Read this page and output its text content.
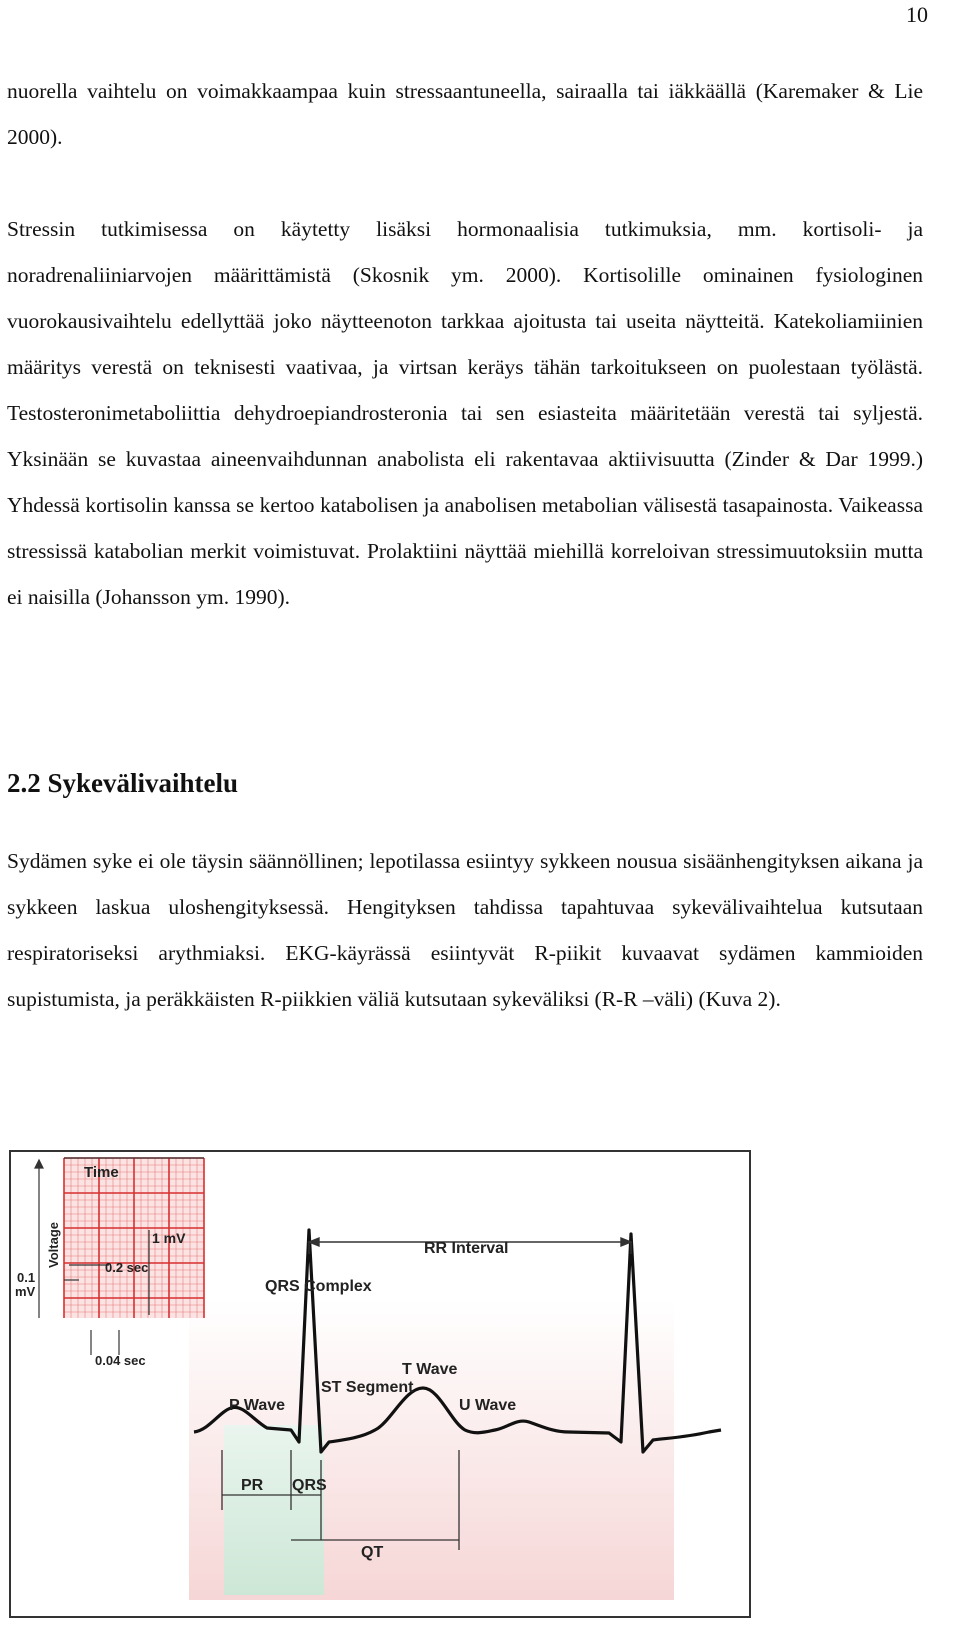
10

nuorella vaihtelu on voimakkaampaa kuin stressaantuneella, sairaalla tai iäkkäällä (Karemaker & Lie 2000).

Stressin tutkimisessa on käytetty lisäksi hormonaalisia tutkimuksia, mm. kortisoli- ja noradrenaliiniarvojen määrittämistä (Skosnik ym. 2000). Kortisolille ominainen fysiologinen vuorokausivaihtelu edellyttää joko näytteenoton tarkkaa ajoitusta tai useita näytteitä. Katekoliamiinien määritys verestä on teknisesti vaativaa, ja virtsan keräys tähän tarkoitukseen on puolestaan työlästä. Testosteronimetaboliittia dehydroepiandrosteronia tai sen esiasteita määritetään verestä tai syljestä. Yksinään se kuvastaa aineenvaihdunnan anabolista eli rakentavaa aktiivisuutta (Zinder & Dar 1999.) Yhdessä kortisolin kanssa se kertoo katabolisen ja anabolisen metabolian välisestä tasapainosta. Vaikeassa stressissä katabolian merkit voimistuvat. Prolaktiini näyttää miehillä korreloivan stressimuutoksiin mutta ei naisilla (Johansson ym. 1990).

2.2 Sykevälivaihtelu

Sydämen syke ei ole täysin säännöllinen; lepotilassa esiintyy sykkeen nousua sisäänhengityksen aikana ja sykkeen laskua uloshengityksessä. Hengityksen tahdissa tapahtuvaa sykevälivaihtelua kutsutaan respiratoriseksi arythmiaksi. EKG-käyrässä esiintyvät R-piikit kuvaavat sydämen kammioiden supistumista, ja peräkkäisten R-piikkien väliä kutsutaan sykeväliksi (R-R –väli) (Kuva 2).

Time
Voltage	1 mV
0.2 sec
0.1
mV
0.04 sec
QRS Complex
RR Interval
T Wave
ST Segment
P Wave	U Wave
PR QRS
QT
